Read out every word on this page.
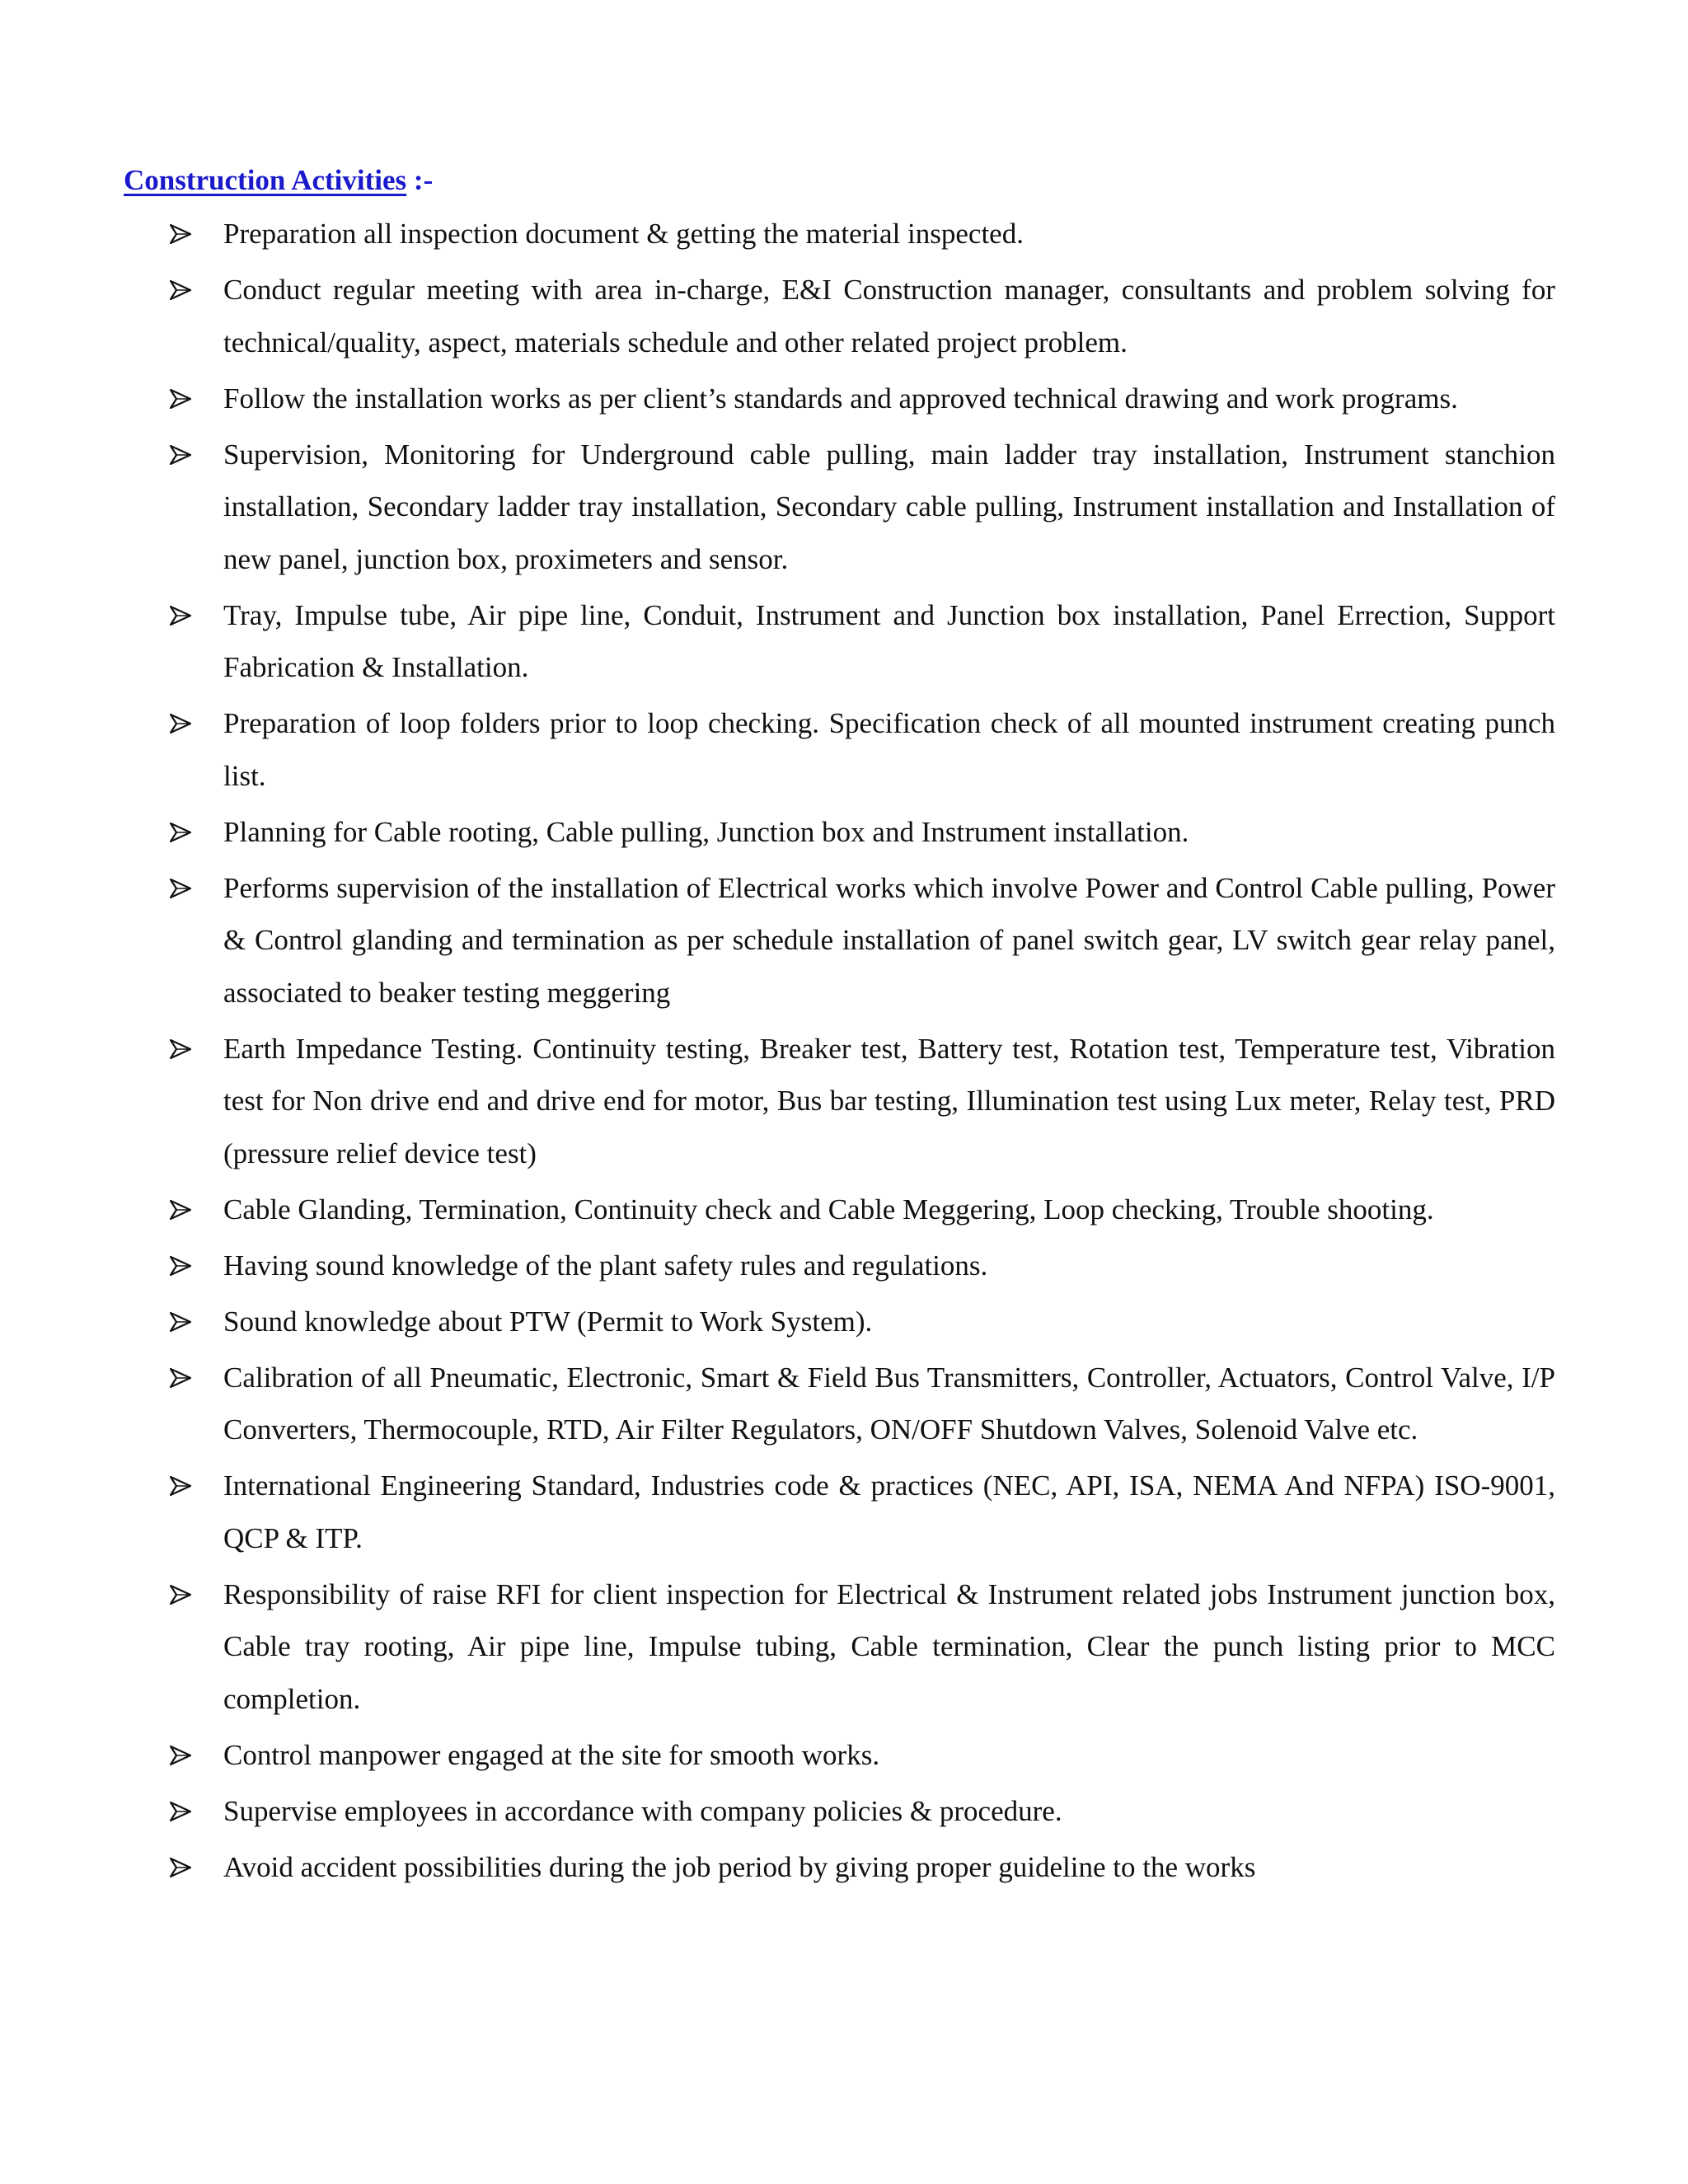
Construction Activities :-
Preparation all inspection document & getting the material inspected.
Conduct regular meeting with area in-charge, E&I Construction manager, consultants and problem solving for technical/quality, aspect, materials schedule and other related project problem.
Follow the installation works as per client’s standards and approved technical drawing and work programs.
Supervision, Monitoring for Underground cable pulling, main ladder tray installation, Instrument stanchion installation, Secondary ladder tray installation, Secondary cable pulling, Instrument installation and Installation of new panel, junction box, proximeters and sensor.
Tray, Impulse tube, Air pipe line, Conduit, Instrument and Junction box installation, Panel Errection, Support Fabrication & Installation.
Preparation of loop folders prior to loop checking. Specification check of all mounted instrument creating punch list.
Planning for Cable rooting, Cable pulling, Junction box and Instrument installation.
Performs supervision of the installation of Electrical works which involve Power and Control Cable pulling, Power & Control glanding and termination as per schedule installation of panel switch gear, LV switch gear relay panel, associated to beaker testing meggering
Earth Impedance Testing. Continuity testing, Breaker test, Battery test, Rotation test, Temperature test, Vibration test for Non drive end and drive end for motor, Bus bar testing, Illumination test using Lux meter, Relay test, PRD (pressure relief device test)
Cable Glanding, Termination, Continuity check and Cable Meggering, Loop checking, Trouble shooting.
Having sound knowledge of the plant safety rules and regulations.
Sound knowledge about PTW (Permit to Work System).
Calibration of all Pneumatic, Electronic, Smart & Field Bus Transmitters, Controller, Actuators, Control Valve, I/P Converters, Thermocouple, RTD, Air Filter Regulators, ON/OFF Shutdown Valves, Solenoid Valve etc.
International Engineering Standard, Industries code & practices (NEC, API, ISA, NEMA And NFPA) ISO-9001, QCP & ITP.
Responsibility of raise RFI for client inspection for Electrical & Instrument related jobs Instrument junction box, Cable tray rooting, Air pipe line, Impulse tubing, Cable termination, Clear the punch listing prior to MCC completion.
Control manpower engaged at the site for smooth works.
Supervise employees in accordance with company policies & procedure.
Avoid accident possibilities during the job period by giving proper guideline to the works
